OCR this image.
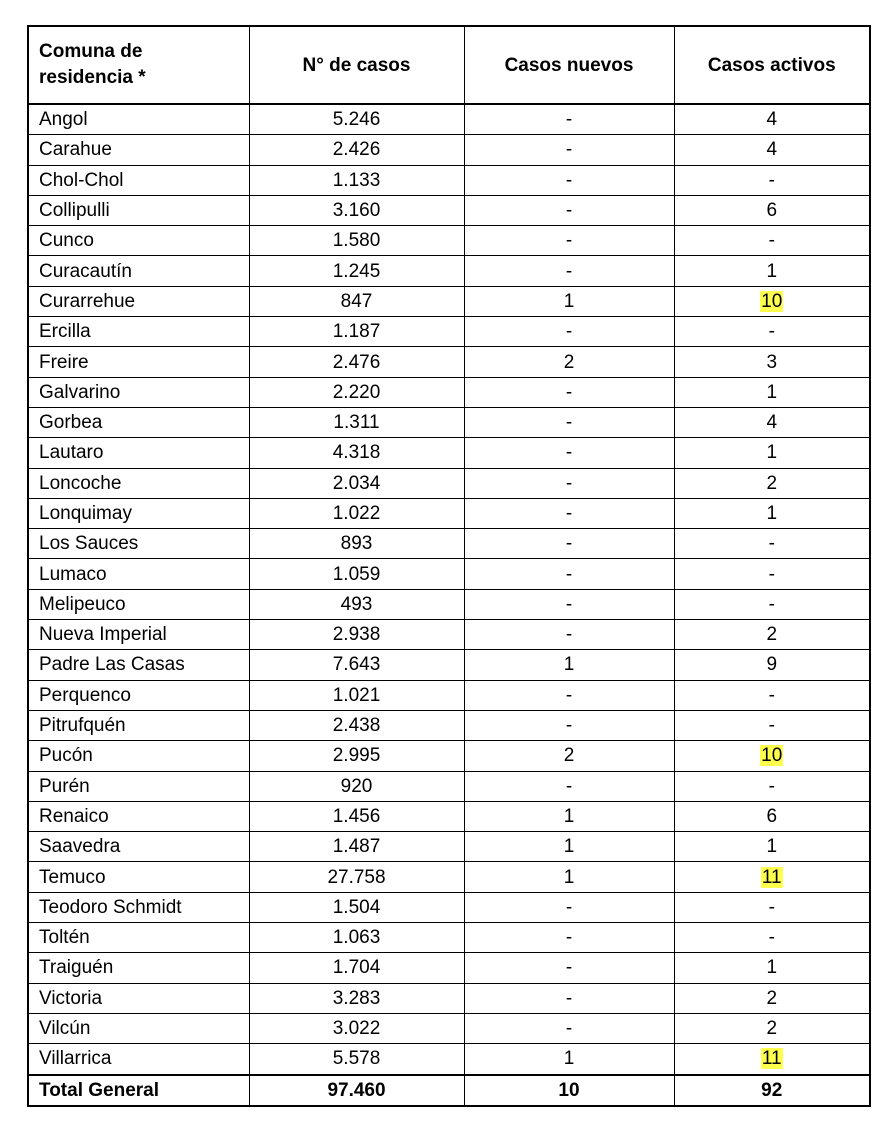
Comuna de residencia *	N° de casos	Casos nuevos	Casos activos
Angol	5.246	-	4
Carahue	2.426	-	4
Chol-Chol	1.133	-	-
Collipulli	3.160	-	6
Cunco	1.580	-	-
Curacautín	1.245	-	1
Curarrehue	847	1	10
Ercilla	1.187	-	-
Freire	2.476	2	3
Galvarino	2.220	-	1
Gorbea	1.311	-	4
Lautaro	4.318	-	1
Loncoche	2.034	-	2
Lonquimay	1.022	-	1
Los Sauces	893	-	-
Lumaco	1.059	-	-
Melipeuco	493	-	-
Nueva Imperial	2.938	-	2
Padre Las Casas	7.643	1	9
Perquenco	1.021	-	-
Pitrufquén	2.438	-	-
Pucón	2.995	2	10
Purén	920	-	-
Renaico	1.456	1	6
Saavedra	1.487	1	1
Temuco	27.758	1	11
Teodoro Schmidt	1.504	-	-
Toltén	1.063	-	-
Traiguén	1.704	-	1
Victoria	3.283	-	2
Vilcún	3.022	-	2
Villarrica	5.578	1	11
Total General	97.460	10	92
